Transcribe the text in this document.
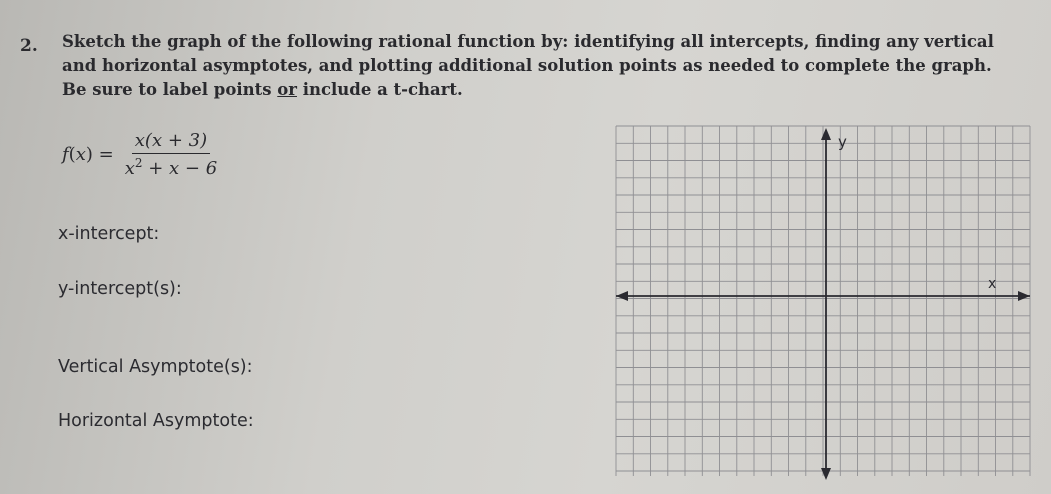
2. Sketch the graph of the following rational function by: identifying all intercepts, finding any vertical
and horizontal asymptotes, and plotting additional solution points as needed to complete the graph.
Be sure to label points or include a t-chart.
$f(x) = \frac{x(x + 3)}{x^2 + x - 6}$
x-intercept:
y-intercept(s):
Vertical Asymptote(s):
Horizontal Asymptote:
y
x
